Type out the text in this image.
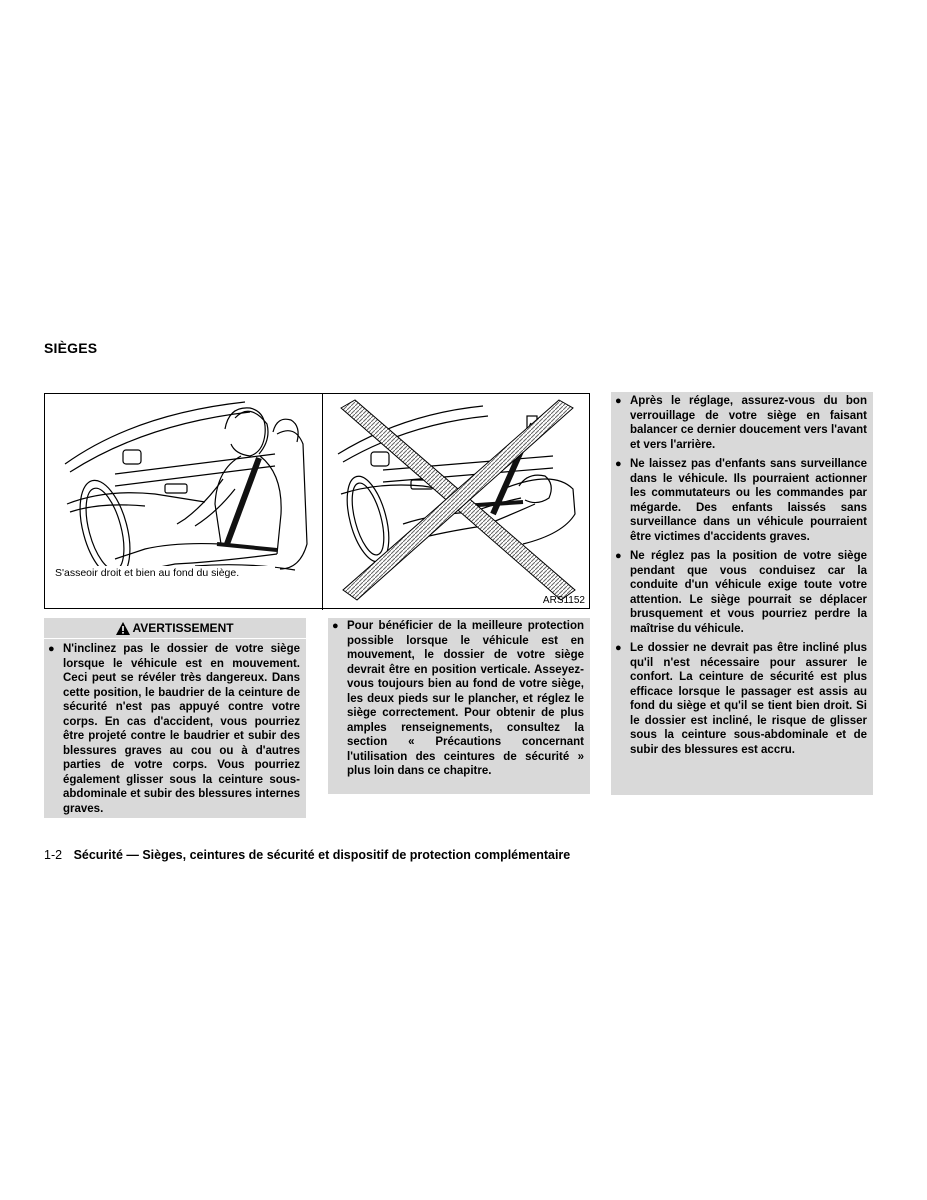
SIÈGES
S'asseoir droit et bien au fond du siège.
ARS1152
AVERTISSEMENT
● N'inclinez pas le dossier de votre siège lorsque le véhicule est en mouvement. Ceci peut se révéler très dangereux. Dans cette position, le baudrier de la ceinture de sécurité n'est pas appuyé contre votre corps. En cas d'accident, vous pourriez être projeté contre le baudrier et subir des blessures graves au cou ou à d'autres parties de votre corps. Vous pourriez également glisser sous la ceinture sous-abdominale et subir des blessures internes graves.
● Pour bénéficier de la meilleure protection possible lorsque le véhicule est en mouvement, le dossier de votre siège devrait être en position verticale. Asseyez-vous toujours bien au fond de votre siège, les deux pieds sur le plancher, et réglez le siège correctement. Pour obtenir de plus amples renseignements, consultez la section « Précautions concernant l'utilisation des ceintures de sécurité » plus loin dans ce chapitre.
● Après le réglage, assurez-vous du bon verrouillage de votre siège en faisant balancer ce dernier doucement vers l'avant et vers l'arrière.
● Ne laissez pas d'enfants sans surveillance dans le véhicule. Ils pourraient actionner les commutateurs ou les commandes par mégarde. Des enfants laissés sans surveillance dans un véhicule pourraient être victimes d'accidents graves.
● Ne réglez pas la position de votre siège pendant que vous conduisez car la conduite d'un véhicule exige toute votre attention. Le siège pourrait se déplacer brusquement et vous pourriez perdre la maîtrise du véhicule.
● Le dossier ne devrait pas être incliné plus qu'il n'est nécessaire pour assurer le confort. La ceinture de sécurité est plus efficace lorsque le passager est assis au fond du siège et qu'il se tient bien droit. Si le dossier est incliné, le risque de glisser sous la ceinture sous-abdominale et de subir des blessures est accru.
1-2 Sécurité — Sièges, ceintures de sécurité et dispositif de protection complémentaire
